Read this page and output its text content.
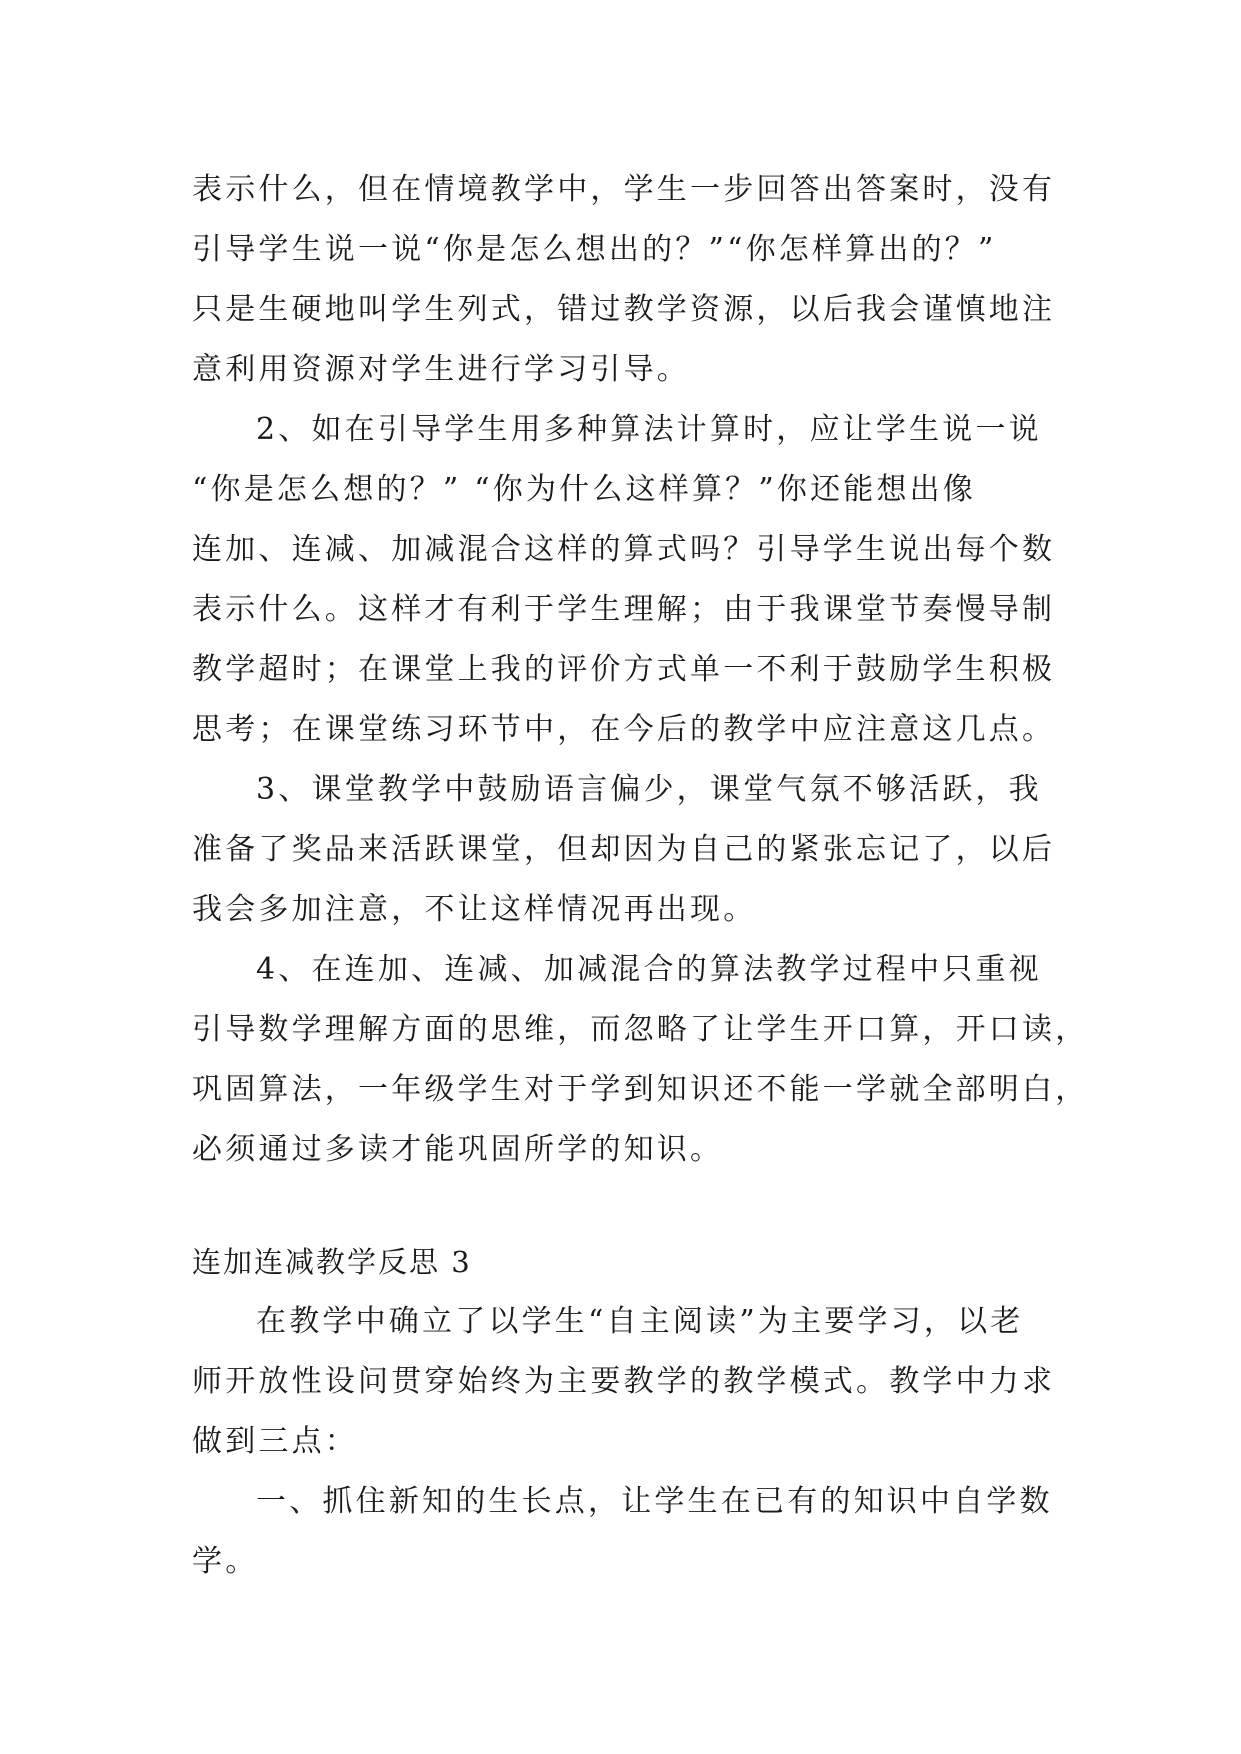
表示什么，但在情境教学中，学生一步回答出答案时，没有
引导学生说一说“你是怎么想出的？”“你怎样算出的？”
只是生硬地叫学生列式，错过教学资源，以后我会谨慎地注
意利用资源对学生进行学习引导。
2、如在引导学生用多种算法计算时，应让学生说一说
“你是怎么想的？” “你为什么这样算？”你还能想出像
连加、连减、加减混合这样的算式吗？引导学生说出每个数
表示什么。这样才有利于学生理解；由于我课堂节奏慢导制
教学超时；在课堂上我的评价方式单一不利于鼓励学生积极
思考；在课堂练习环节中，在今后的教学中应注意这几点。
3、课堂教学中鼓励语言偏少，课堂气氛不够活跃，我
准备了奖品来活跃课堂，但却因为自己的紧张忘记了，以后
我会多加注意，不让这样情况再出现。
4、在连加、连减、加减混合的算法教学过程中只重视
引导数学理解方面的思维，而忽略了让学生开口算，开口读，
巩固算法，一年级学生对于学到知识还不能一学就全部明白，
必须通过多读才能巩固所学的知识。
连加连减教学反思 3
在教学中确立了以学生“自主阅读”为主要学习，以老
师开放性设问贯穿始终为主要教学的教学模式。教学中力求
做到三点：
一、抓住新知的生长点，让学生在已有的知识中自学数
学。
